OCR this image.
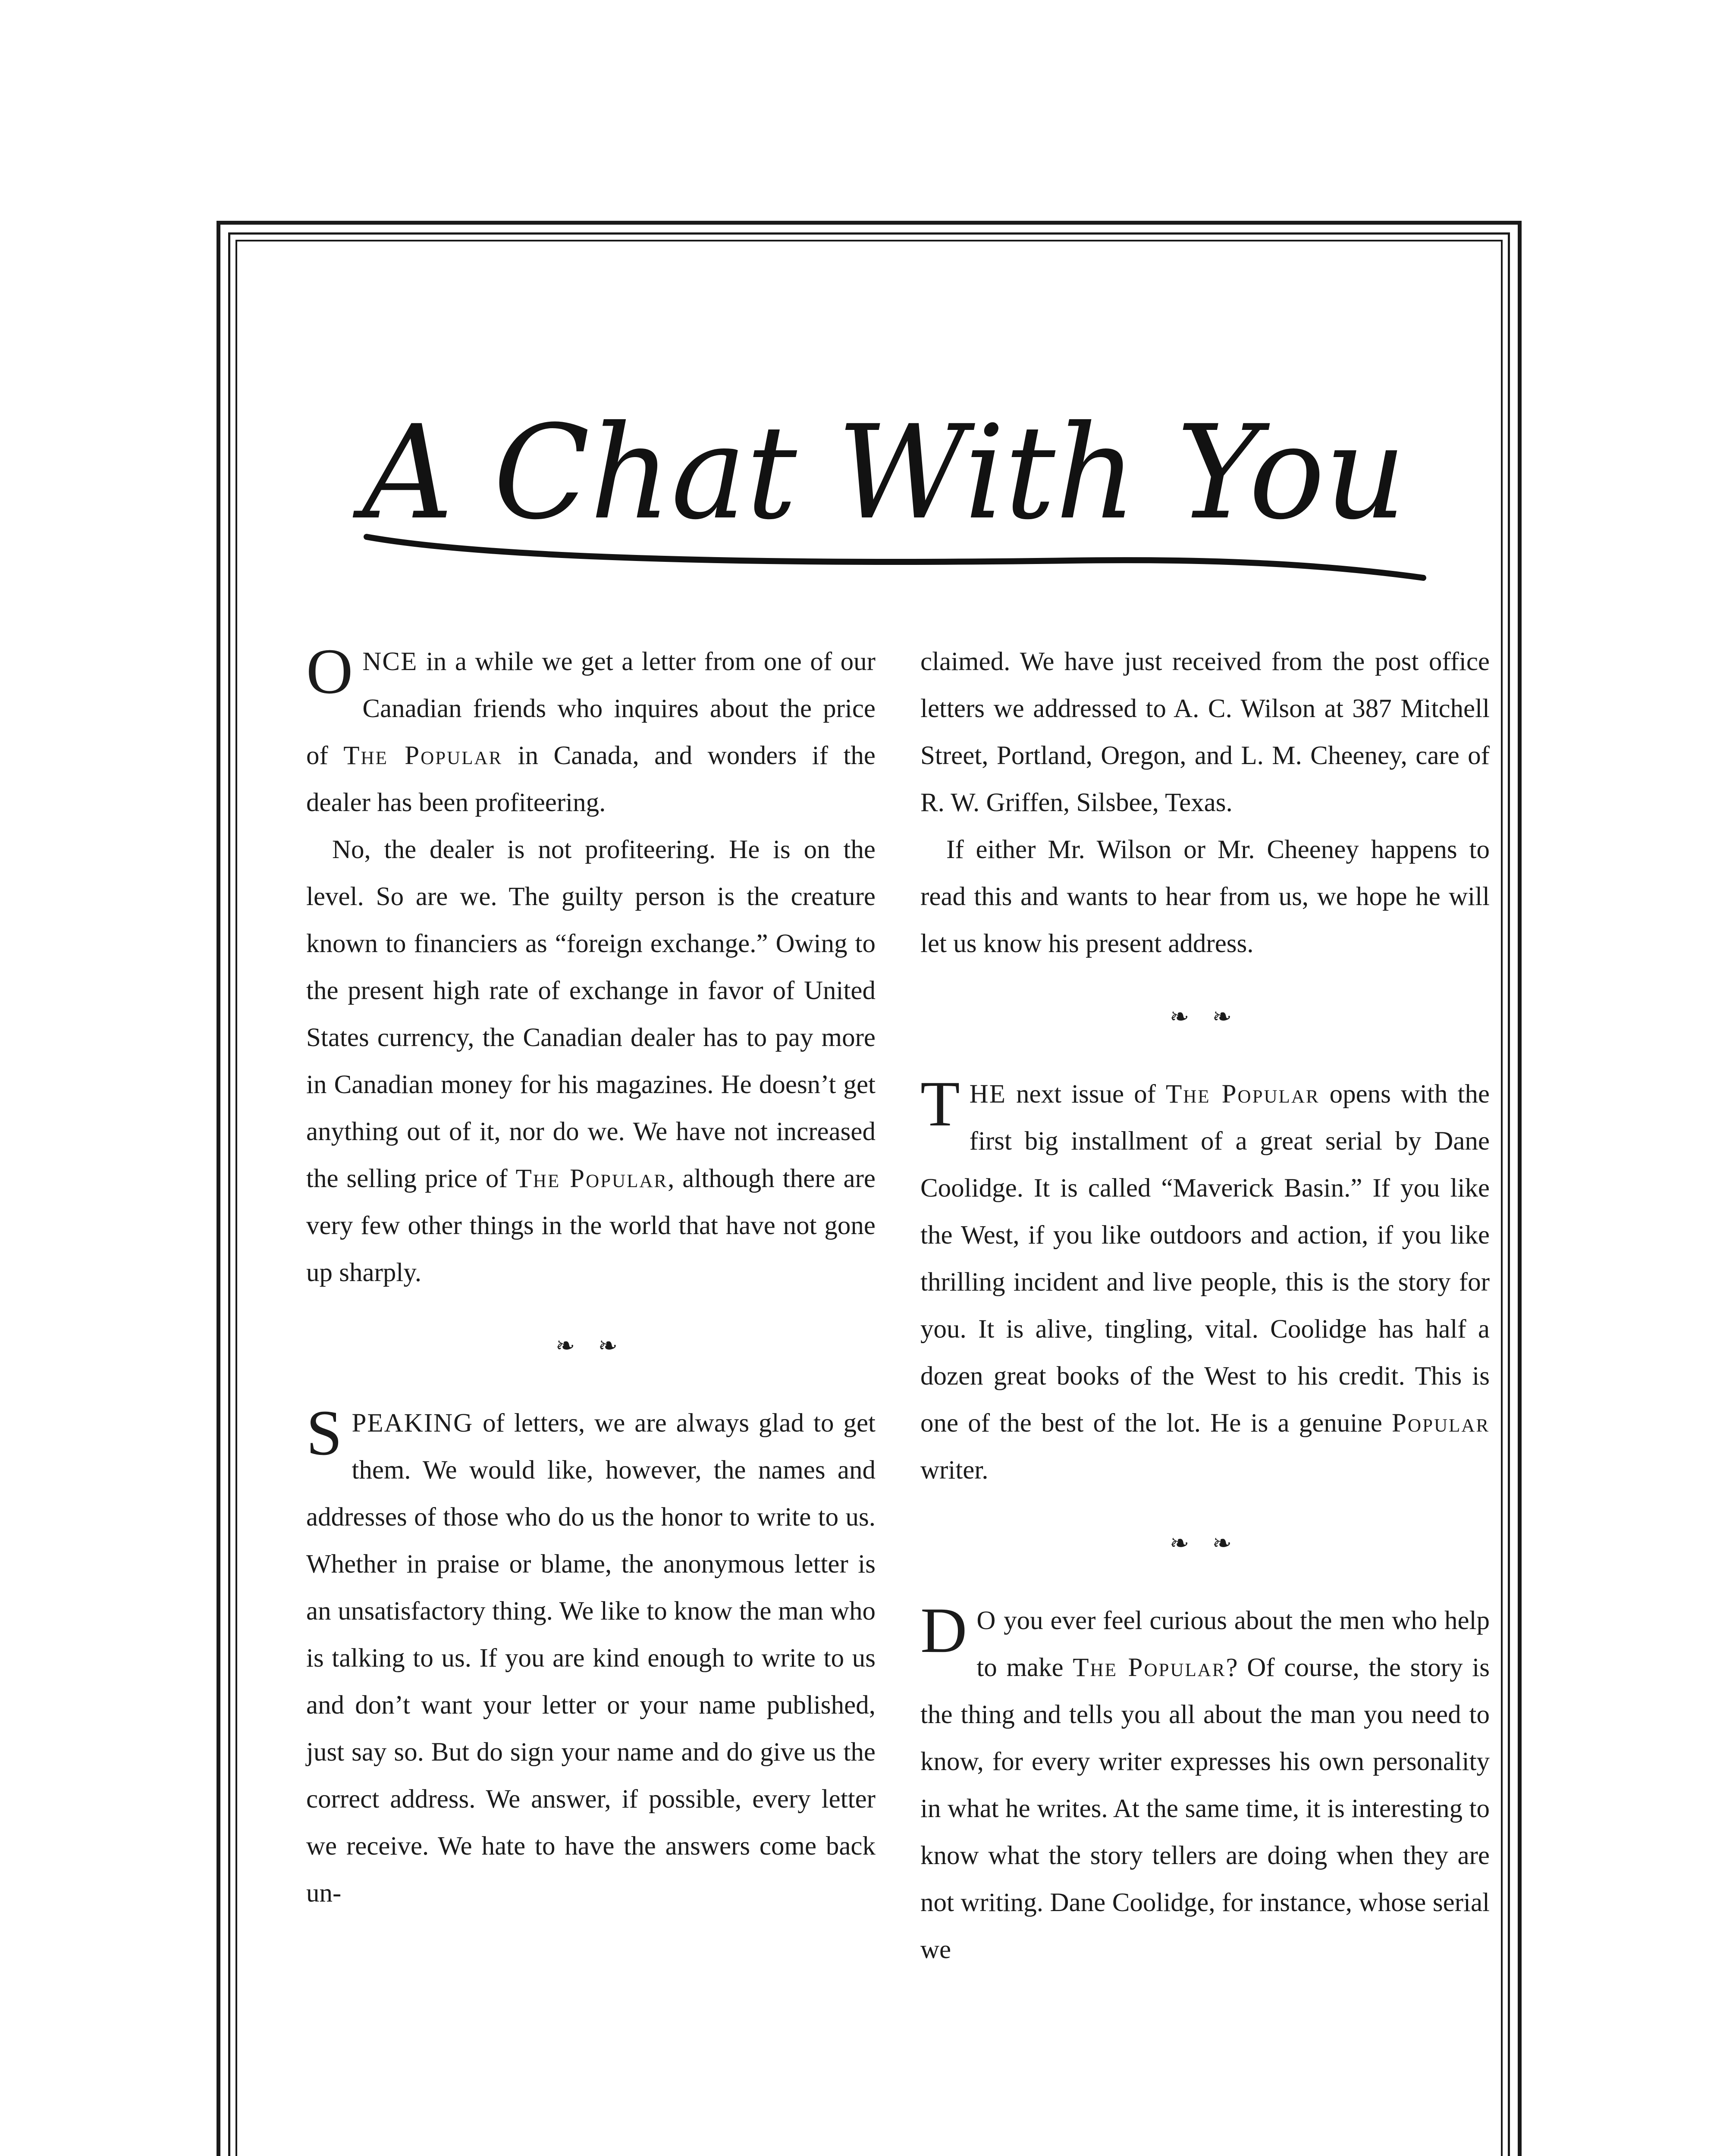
A Chat With You

ONCE in a while we get a letter from one of our Canadian friends who inquires about the price of The Popular in Canada, and wonders if the dealer has been profiteering.

No, the dealer is not profiteering. He is on the level. So are we. The guilty person is the creature known to financiers as “foreign exchange.” Owing to the present high rate of exchange in favor of United States currency, the Canadian dealer has to pay more in Canadian money for his magazines. He doesn’t get anything out of it, nor do we. We have not increased the selling price of The Popular, although there are very few other things in the world that have not gone up sharply.

❧ ❧

SPEAKING of letters, we are always glad to get them. We would like, however, the names and addresses of those who do us the honor to write to us. Whether in praise or blame, the anonymous letter is an unsatisfactory thing. We like to know the man who is talking to us. If you are kind enough to write to us and don’t want your letter or your name published, just say so. But do sign your name and do give us the correct address. We answer, if possible, every letter we receive. We hate to have the answers come back un-

claimed. We have just received from the post office letters we addressed to A. C. Wilson at 387 Mitchell Street, Portland, Oregon, and L. M. Cheeney, care of R. W. Griffen, Silsbee, Texas.

If either Mr. Wilson or Mr. Cheeney happens to read this and wants to hear from us, we hope he will let us know his present address.

❧ ❧

THE next issue of The Popular opens with the first big installment of a great serial by Dane Coolidge. It is called “Maverick Basin.” If you like the West, if you like outdoors and action, if you like thrilling incident and live people, this is the story for you. It is alive, tingling, vital. Coolidge has half a dozen great books of the West to his credit. This is one of the best of the lot. He is a genuine Popular writer.

❧ ❧

D O you ever feel curious about the men who help to make The Popular? Of course, the story is the thing and tells you all about the man you need to know, for every writer expresses his own personality in what he writes. At the same time, it is interesting to know what the story tellers are doing when they are not writing. Dane Coolidge, for instance, whose serial we
